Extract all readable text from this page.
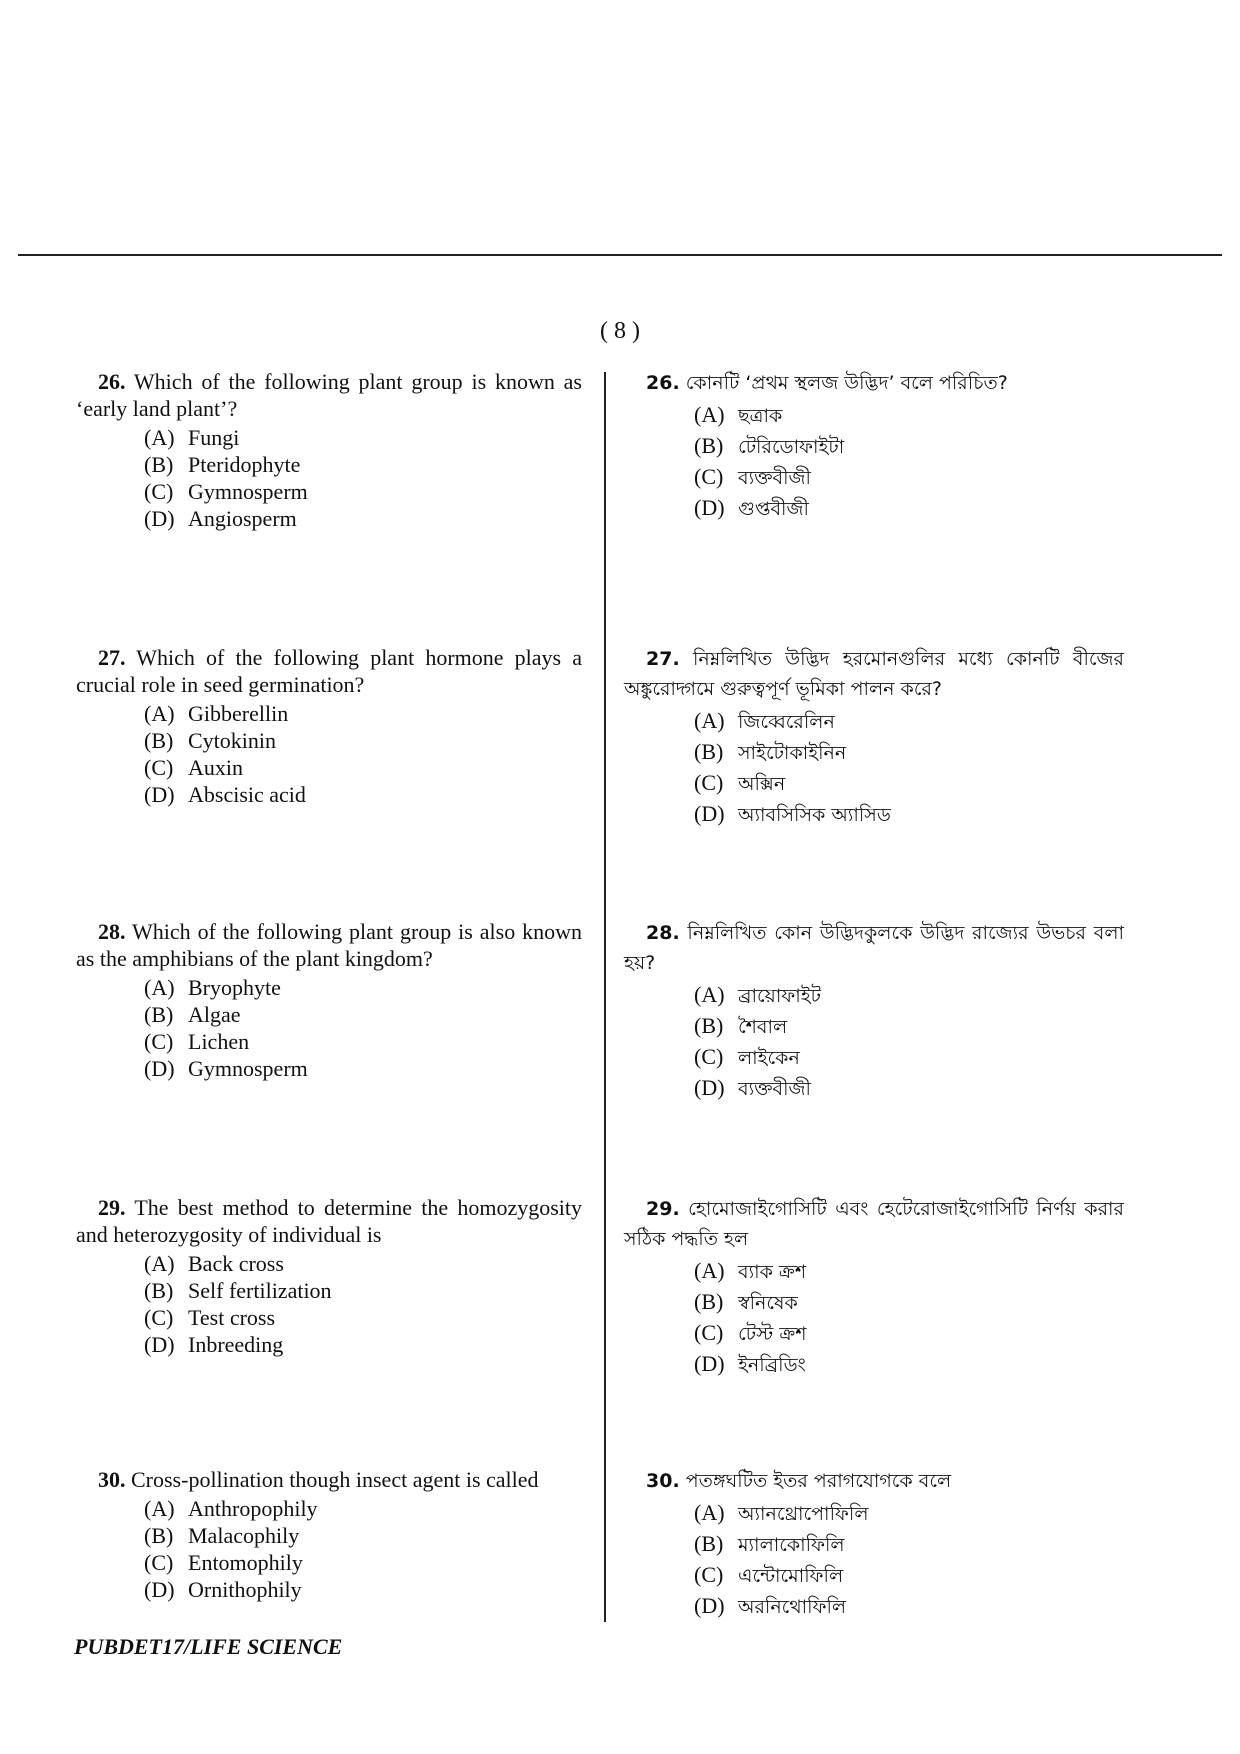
( 8 )
26. Which of the following plant group is known as ‘early land plant’?
(A) Fungi
(B) Pteridophyte
(C) Gymnosperm
(D) Angiosperm
26. কোনটি ‘প্রথম স্থলজ উদ্ভিদ’ বলে পরিচিত?
(A) ছত্রাক
(B) টেরিডোফাইটা
(C) ব্যক্তবীজী
(D) গুপ্তবীজী
27. Which of the following plant hormone plays a crucial role in seed germination?
(A) Gibberellin
(B) Cytokinin
(C) Auxin
(D) Abscisic acid
27. নিম্নলিখিত উদ্ভিদ হরমোনগুলির মধ্যে কোনটি বীজের অঙ্কুরোদ্গমে গুরুত্বপূর্ণ ভূমিকা পালন করে?
(A) জিব্বেরেলিন
(B) সাইটোকাইনিন
(C) অক্সিন
(D) অ্যাবসিসিক অ্যাসিড
28. Which of the following plant group is also known as the amphibians of the plant kingdom?
(A) Bryophyte
(B) Algae
(C) Lichen
(D) Gymnosperm
28. নিম্নলিখিত কোন উদ্ভিদকুলকে উদ্ভিদ রাজ্যের উভচর বলা হয়?
(A) ব্রায়োফাইট
(B) শৈবাল
(C) লাইকেন
(D) ব্যক্তবীজী
29. The best method to determine the homozygosity and heterozygosity of individual is
(A) Back cross
(B) Self fertilization
(C) Test cross
(D) Inbreeding
29. হোমোজাইগোসিটি এবং হেটেরোজাইগোসিটি নির্ণয় করার সঠিক পদ্ধতি হল
(A) ব্যাক ক্রশ
(B) স্বনিষেক
(C) টেস্ট ক্রশ
(D) ইনব্রিডিং
30. Cross-pollination though insect agent is called
(A) Anthropophily
(B) Malacophily
(C) Entomophily
(D) Ornithophily
30. পতঙ্গঘটিত ইতর পরাগযোগকে বলে
(A) অ্যানথ্রোপোফিলি
(B) ম্যালাকোফিলি
(C) এন্টোমোফিলি
(D) অরনিথোফিলি
PUBDET17/LIFE SCIENCE
